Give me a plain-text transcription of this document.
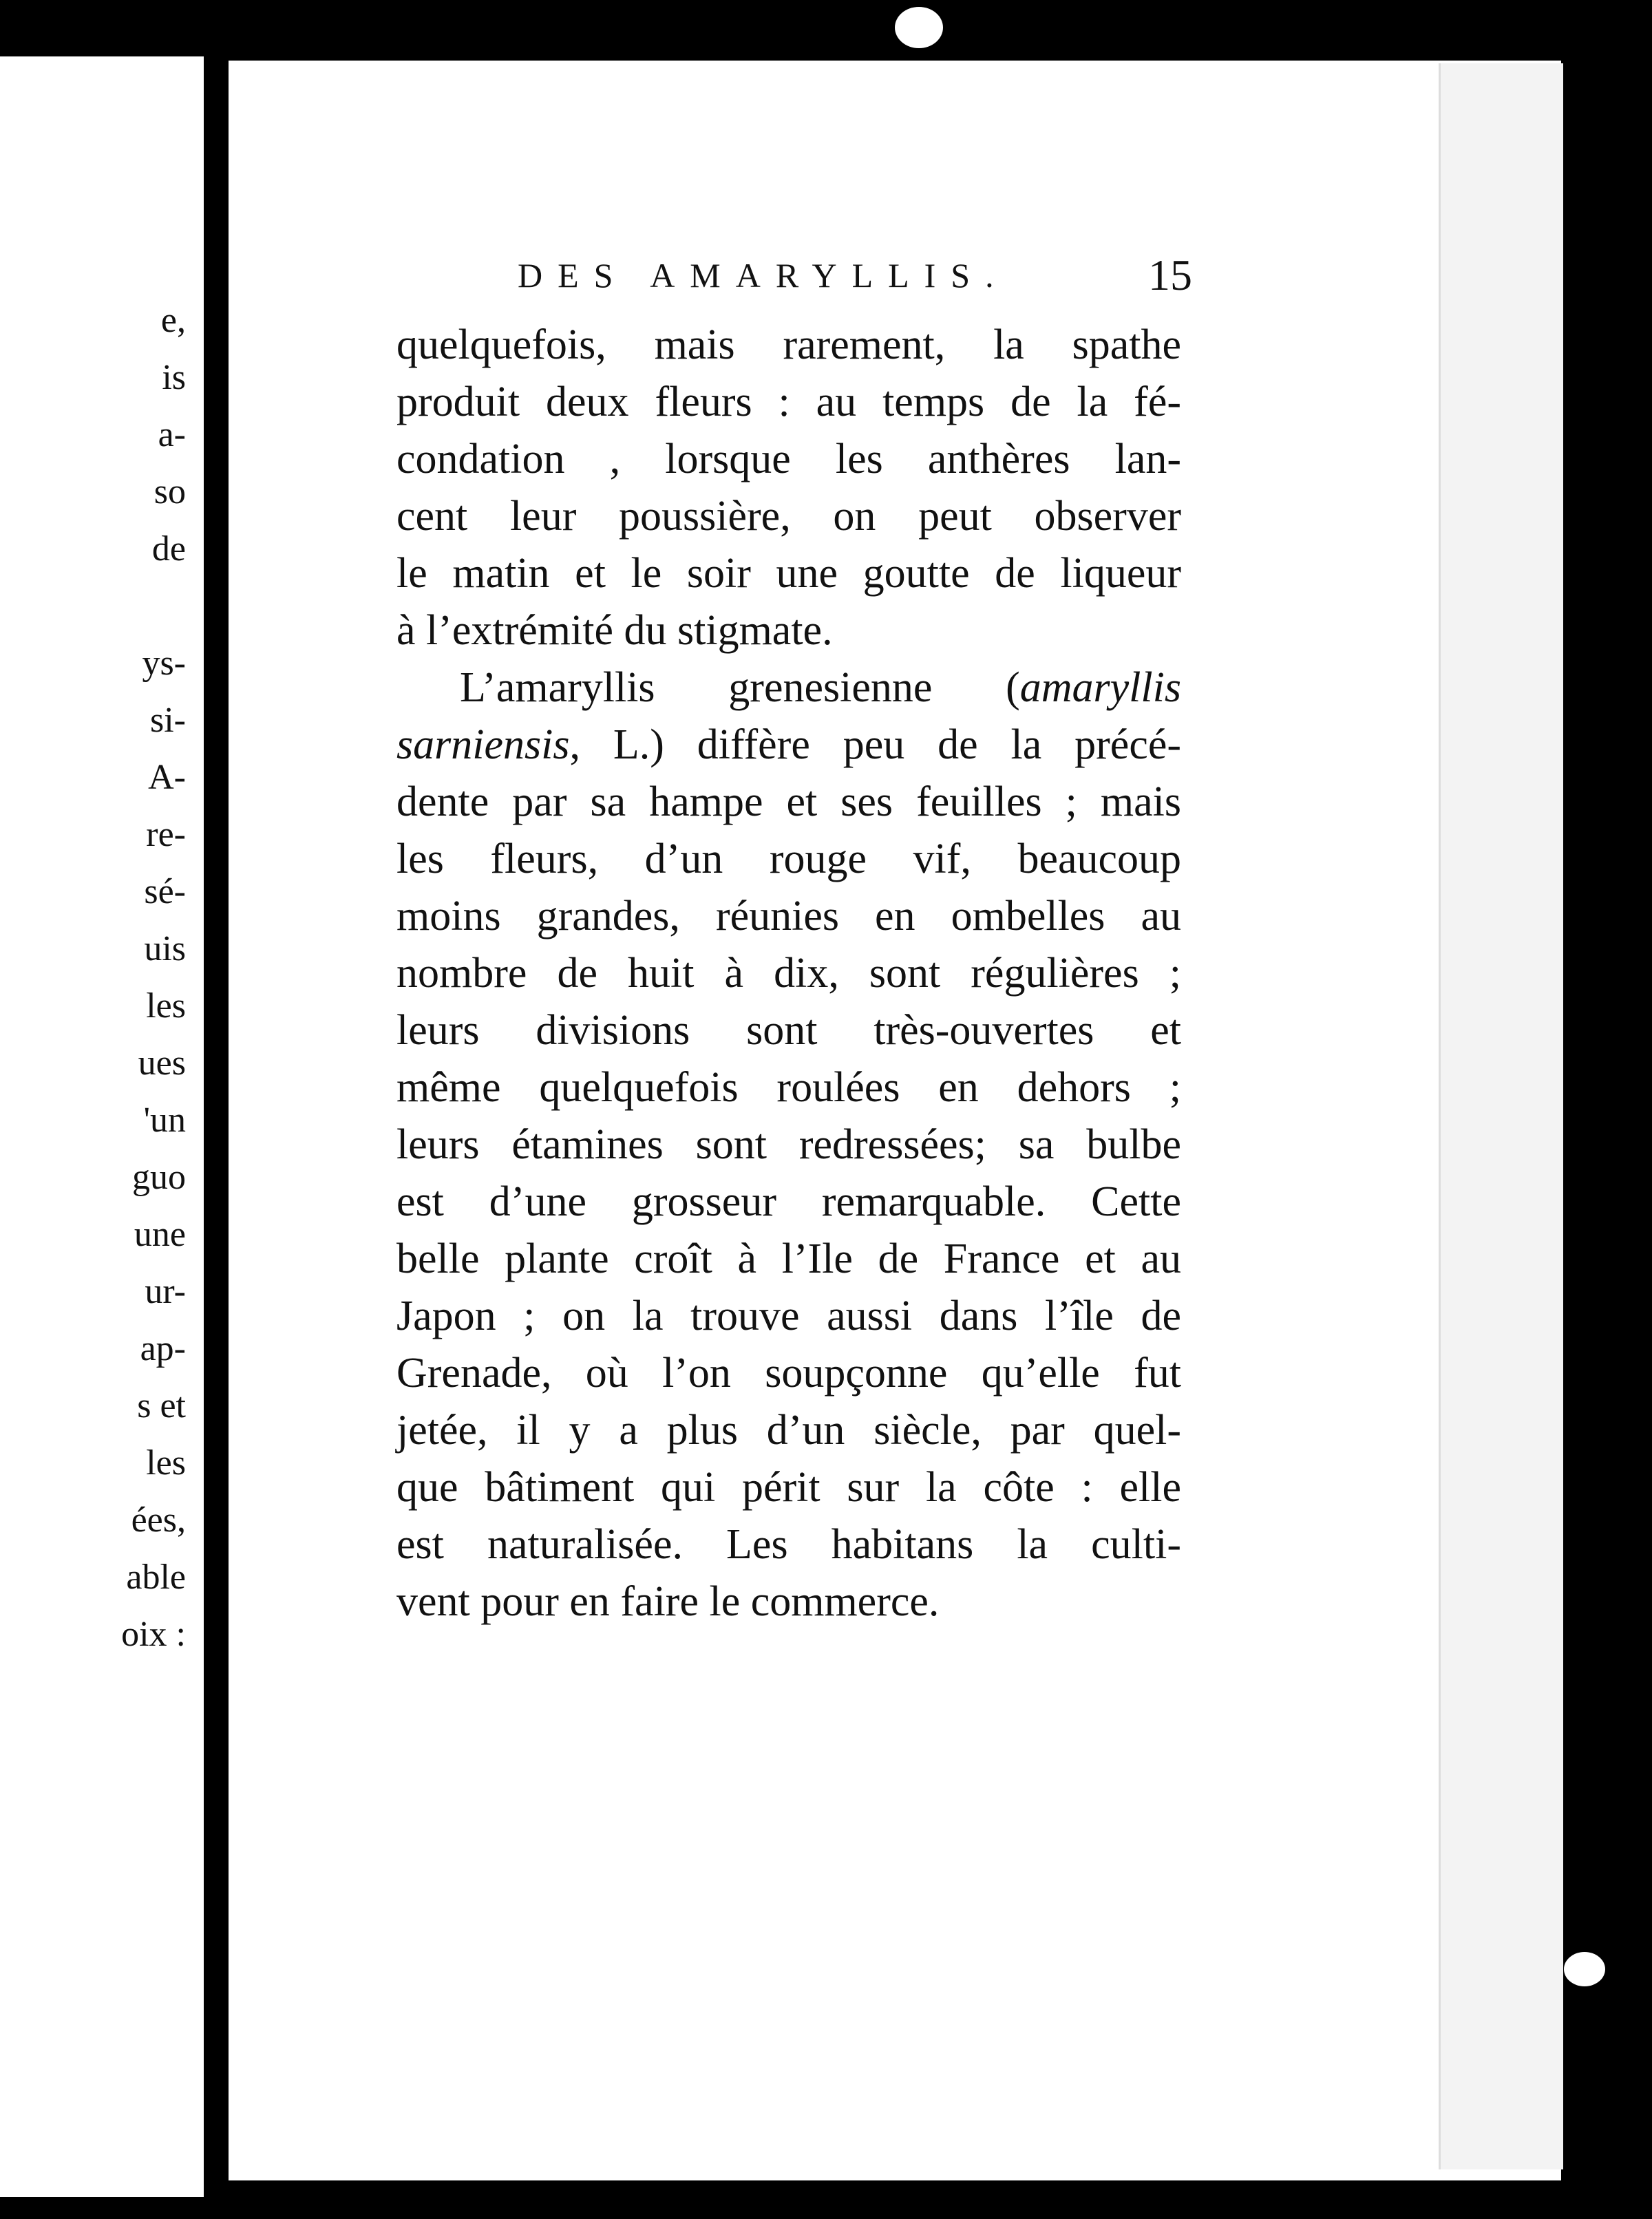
e,
is
a-
so
de
ys-
si-
A-
re-
sé-
uis
les
ues
'un
guo
une
ur-
ap-
s et
les
ées,
able
oix :
DES AMARYLLIS.	15
quelquefois, mais rarement, la spathe
produit deux fleurs : au temps de la fé-
condation , lorsque les anthères lan-
cent leur poussière, on peut observer
le matin et le soir une goutte de liqueur
à l’extrémité du stigmate.
L’amaryllis grenesienne (amaryllis
sarniensis, L.) diffère peu de la précé-
dente par sa hampe et ses feuilles ; mais
les fleurs, d’un rouge vif, beaucoup
moins grandes, réunies en ombelles au
nombre de huit à dix, sont régulières ;
leurs divisions sont très-ouvertes et
même quelquefois roulées en dehors ;
leurs étamines sont redressées; sa bulbe
est d’une grosseur remarquable. Cette
belle plante croît à l’Ile de France et au
Japon ; on la trouve aussi dans l’île de
Grenade, où l’on soupçonne qu’elle fut
jetée, il y a plus d’un siècle, par quel-
que bâtiment qui périt sur la côte : elle
est naturalisée. Les habitans la culti-
vent pour en faire le commerce.
